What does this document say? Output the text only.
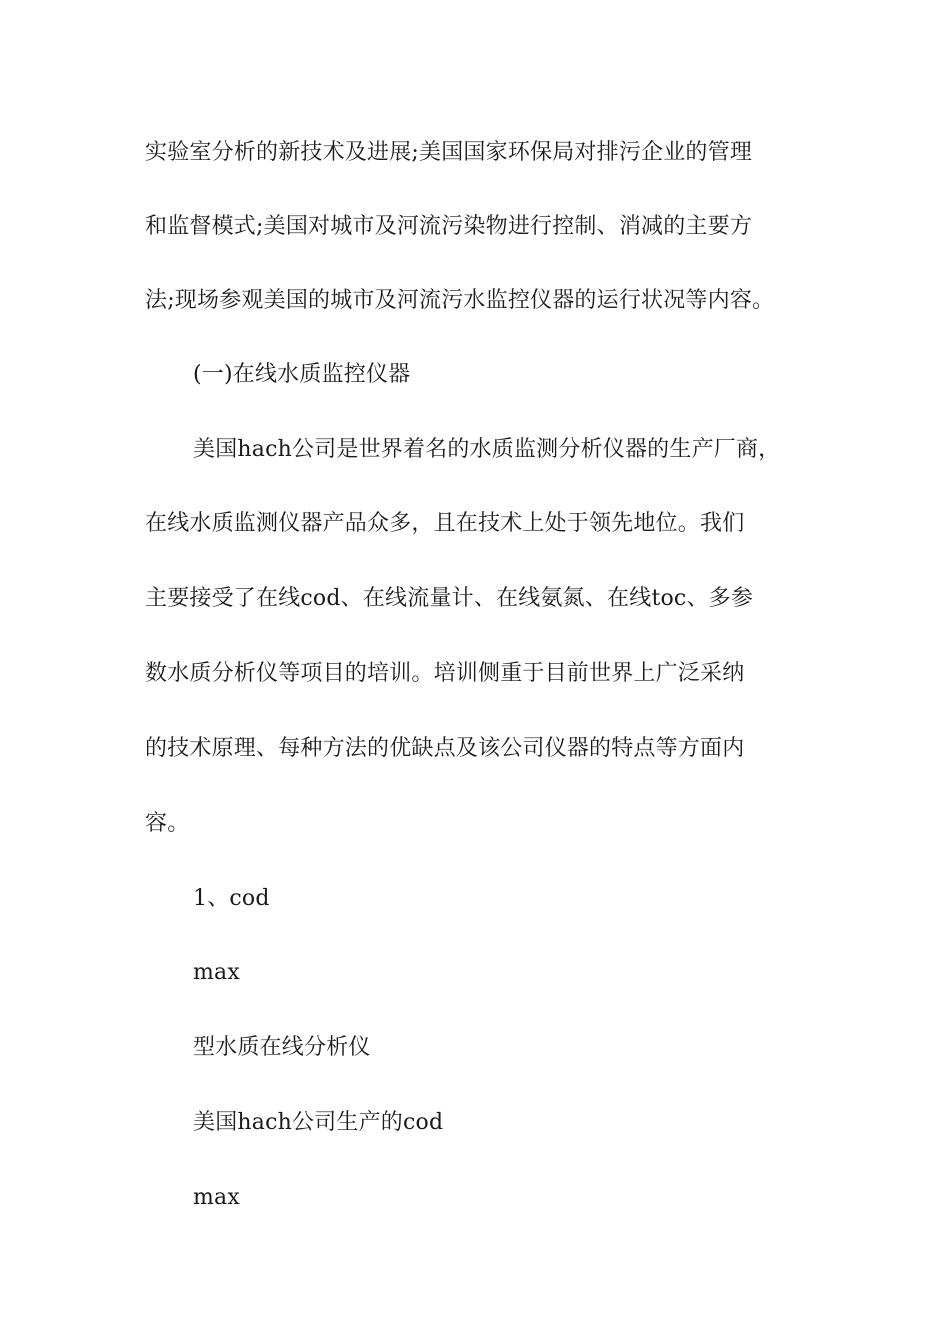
实验室分析的新技术及进展;美国国家环保局对排污企业的管理
和监督模式;美国对城市及河流污染物进行控制、消减的主要方
法;现场参观美国的城市及河流污水监控仪器的运行状况等内容。
(一)在线水质监控仪器
美国hach公司是世界着名的水质监测分析仪器的生产厂商，
在线水质监测仪器产品众多，且在技术上处于领先地位。我们
主要接受了在线cod、在线流量计、在线氨氮、在线toc、多参
数水质分析仪等项目的培训。培训侧重于目前世界上广泛采纳
的技术原理、每种方法的优缺点及该公司仪器的特点等方面内
容。
1、cod
max
型水质在线分析仪
美国hach公司生产的cod
max
